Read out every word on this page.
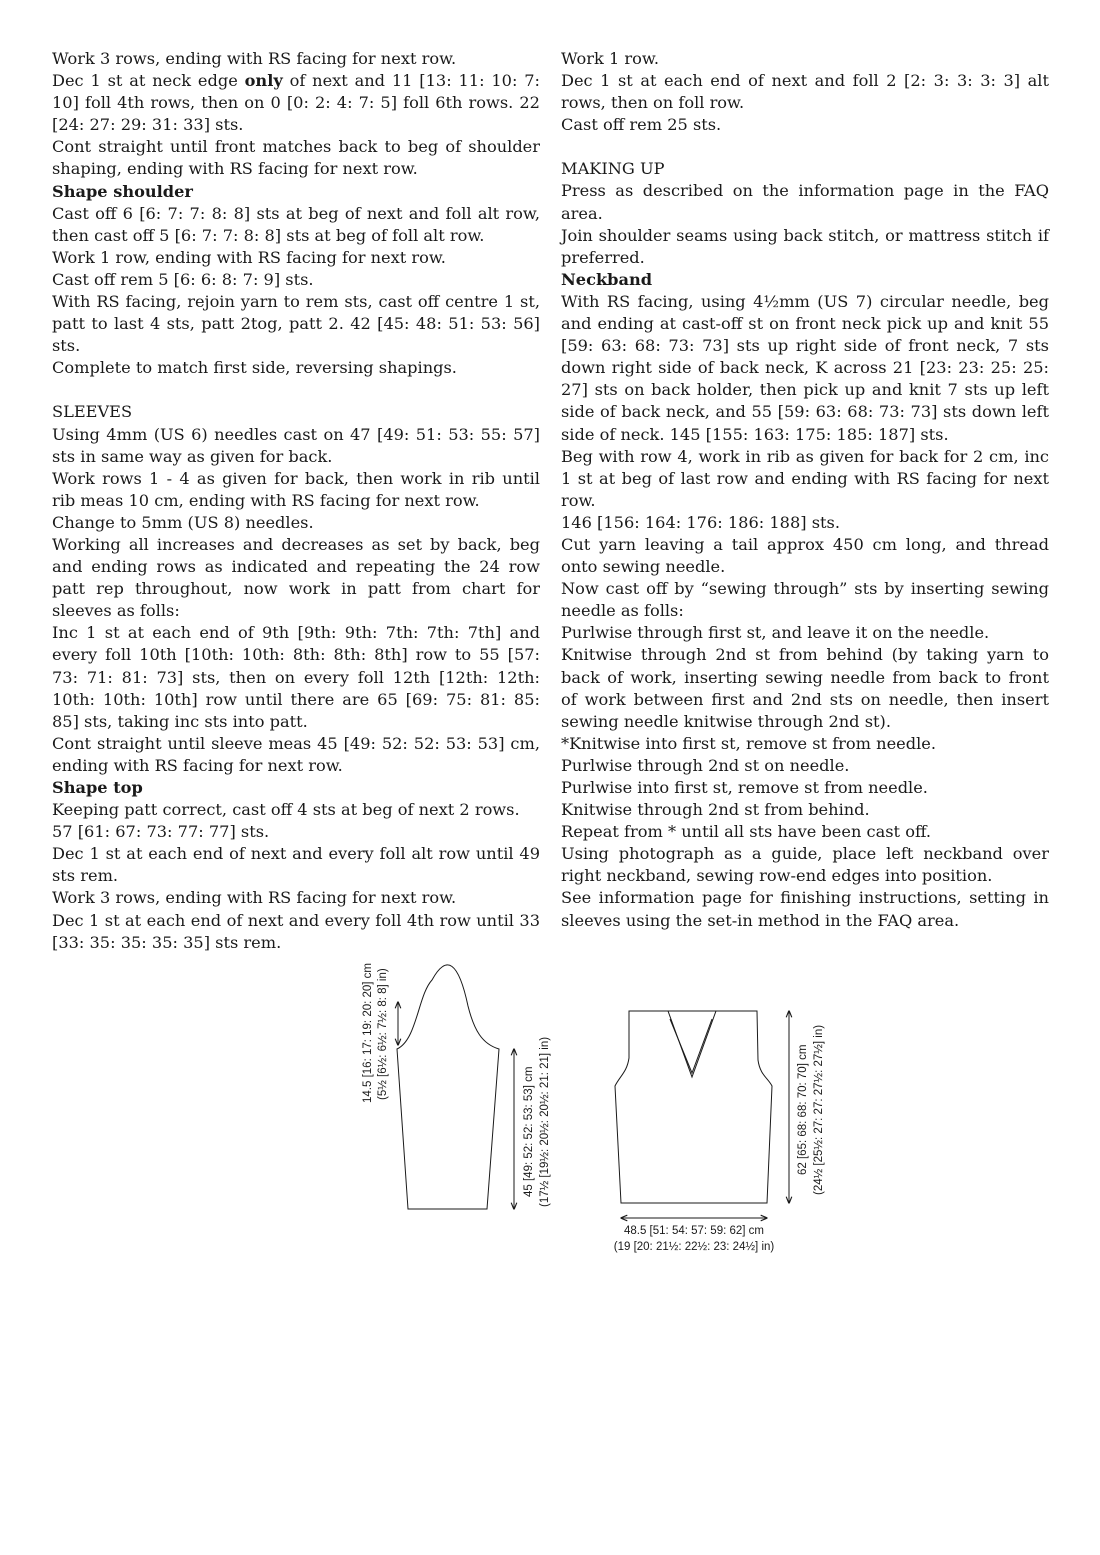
Work 3 rows, ending with RS facing for next row.

Dec 1 st at neck edge only of next and 11 [13: 11: 10: 7: 10] foll 4th rows, then on 0 [0: 2: 4: 7: 5] foll 6th rows. 22 [24: 27: 29: 31: 33] sts.

Cont straight until front matches back to beg of shoulder shaping, ending with RS facing for next row.

Shape shoulder

Cast off 6 [6: 7: 7: 8: 8] sts at beg of next and foll alt row, then cast off 5 [6: 7: 7: 8: 8] sts at beg of foll alt row.

Work 1 row, ending with RS facing for next row.

Cast off rem 5 [6: 6: 8: 7: 9] sts.

With RS facing, rejoin yarn to rem sts, cast off centre 1 st, patt to last 4 sts, patt 2tog, patt 2. 42 [45: 48: 51: 53: 56] sts.

Complete to match first side, reversing shapings.

SLEEVES

Using 4mm (US 6) needles cast on 47 [49: 51: 53: 55: 57] sts in same way as given for back.

Work rows 1 - 4 as given for back, then work in rib until rib meas 10 cm, ending with RS facing for next row.

Change to 5mm (US 8) needles.

Working all increases and decreases as set by back, beg and ending rows as indicated and repeating the 24 row patt rep throughout, now work in patt from chart for sleeves as folls:

Inc 1 st at each end of 9th [9th: 9th: 7th: 7th: 7th] and every foll 10th [10th: 10th: 8th: 8th: 8th] row to 55 [57: 73: 71: 81: 73] sts, then on every foll 12th [12th: 12th: 10th: 10th: 10th] row until there are 65 [69: 75: 81: 85: 85] sts, taking inc sts into patt.

Cont straight until sleeve meas 45 [49: 52: 52: 53: 53] cm, ending with RS facing for next row.

Shape top

Keeping patt correct, cast off 4 sts at beg of next 2 rows.

57 [61: 67: 73: 77: 77] sts.

Dec 1 st at each end of next and every foll alt row until 49 sts rem.

Work 3 rows, ending with RS facing for next row.

Dec 1 st at each end of next and every foll 4th row until 33 [33: 35: 35: 35: 35] sts rem.

Work 1 row.

Dec 1 st at each end of next and foll 2 [2: 3: 3: 3: 3] alt rows, then on foll row.

Cast off rem 25 sts.

MAKING UP

Press as described on the information page in the FAQ area.

Join shoulder seams using back stitch, or mattress stitch if preferred.

Neckband

With RS facing, using 4½mm (US 7) circular needle, beg and ending at cast-off st on front neck pick up and knit 55 [59: 63: 68: 73: 73] sts up right side of front neck, 7 sts down right side of back neck, K across 21 [23: 23: 25: 25: 27] sts on back holder, then pick up and knit 7 sts up left side of back neck, and 55 [59: 63: 68: 73: 73] sts down left side of neck. 145 [155: 163: 175: 185: 187] sts.

Beg with row 4, work in rib as given for back for 2 cm, inc 1 st at beg of last row and ending with RS facing for next row.

146 [156: 164: 176: 186: 188] sts.

Cut yarn leaving a tail approx 450 cm long, and thread onto sewing needle.

Now cast off by “sewing through” sts by inserting sewing needle as folls:

Purlwise through first st, and leave it on the needle.

Knitwise through 2nd st from behind (by taking yarn to back of work, inserting sewing needle from back to front of work between first and 2nd sts on needle, then insert sewing needle knitwise through 2nd st).

*Knitwise into first st, remove st from needle.

Purlwise through 2nd st on needle.

Purlwise into first st, remove st from needle.

Knitwise through 2nd st from behind.

Repeat from * until all sts have been cast off.

Using photograph as a guide, place left neckband over right neckband, sewing row-end edges into position.

See information page for finishing instructions, setting in sleeves using the set-in method in the FAQ area.

14.5 [16: 17: 19: 20: 20] cm (5½ [6½: 6½: 7½: 8: 8] in)
45 [49: 52: 52: 53: 53] cm (17½ [19½: 20½: 20½: 21: 21] in)	62 [65: 68: 68: 70: 70] cm (24½ [25½: 27: 27: 27½: 27½] in)
48.5 [51: 54: 57: 59: 62] cm
(19 [20: 21½: 22½: 23: 24½] in)
